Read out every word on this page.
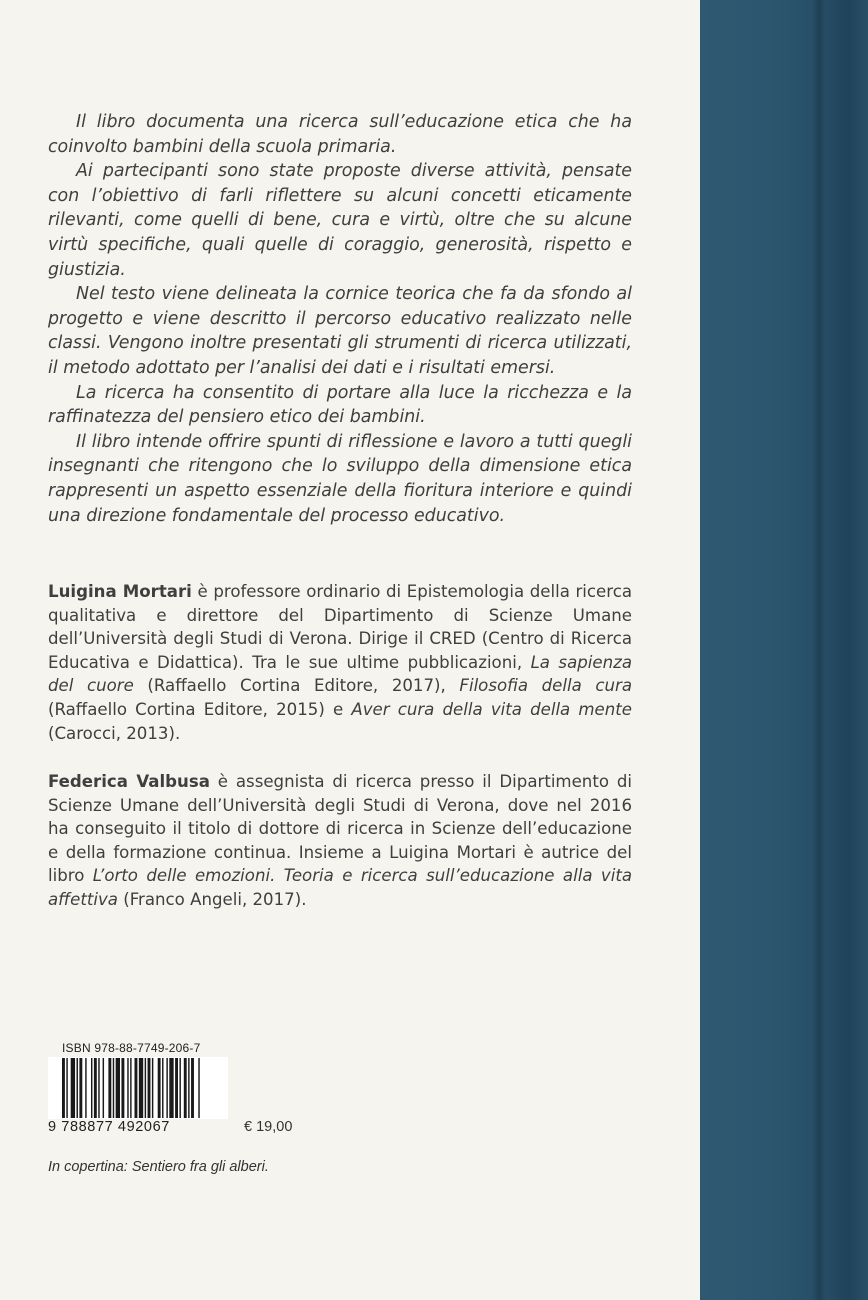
Il libro documenta una ricerca sull’educazione etica che ha coinvolto bambini della scuola primaria.

Ai partecipanti sono state proposte diverse attività, pensate con l’obiettivo di farli riflettere su alcuni concetti eticamente rilevanti, come quelli di bene, cura e virtù, oltre che su alcune virtù specifiche, quali quelle di coraggio, generosità, rispetto e giustizia.

Nel testo viene delineata la cornice teorica che fa da sfondo al progetto e viene descritto il percorso educativo realizzato nelle classi. Vengono inoltre presentati gli strumenti di ricerca utilizzati, il metodo adottato per l’analisi dei dati e i risultati emersi.

La ricerca ha consentito di portare alla luce la ricchezza e la raffinatezza del pensiero etico dei bambini.

Il libro intende offrire spunti di riflessione e lavoro a tutti quegli insegnanti che ritengono che lo sviluppo della dimensione etica rappresenti un aspetto essenziale della fioritura interiore e quindi una direzione fondamentale del processo educativo.

Luigina Mortari è professore ordinario di Epistemologia della ricerca qualitativa e direttore del Dipartimento di Scienze Umane dell’Università degli Studi di Verona. Dirige il CRED (Centro di Ricerca Educativa e Didattica). Tra le sue ultime pubblicazioni, La sapienza del cuore (Raffaello Cortina Editore, 2017), Filosofia della cura (Raffaello Cortina Editore, 2015) e Aver cura della vita della mente (Carocci, 2013).

Federica Valbusa è assegnista di ricerca presso il Dipartimento di Scienze Umane dell’Università degli Studi di Verona, dove nel 2016 ha conseguito il titolo di dottore di ricerca in Scienze dell’educazione e della formazione continua. Insieme a Luigina Mortari è autrice del libro L’orto delle emozioni. Teoria e ricerca sull’educazione alla vita affettiva (Franco Angeli, 2017).

ISBN 978-88-7749-206-7
9 788877 492067	€ 19,00
In copertina: Sentiero fra gli alberi.
